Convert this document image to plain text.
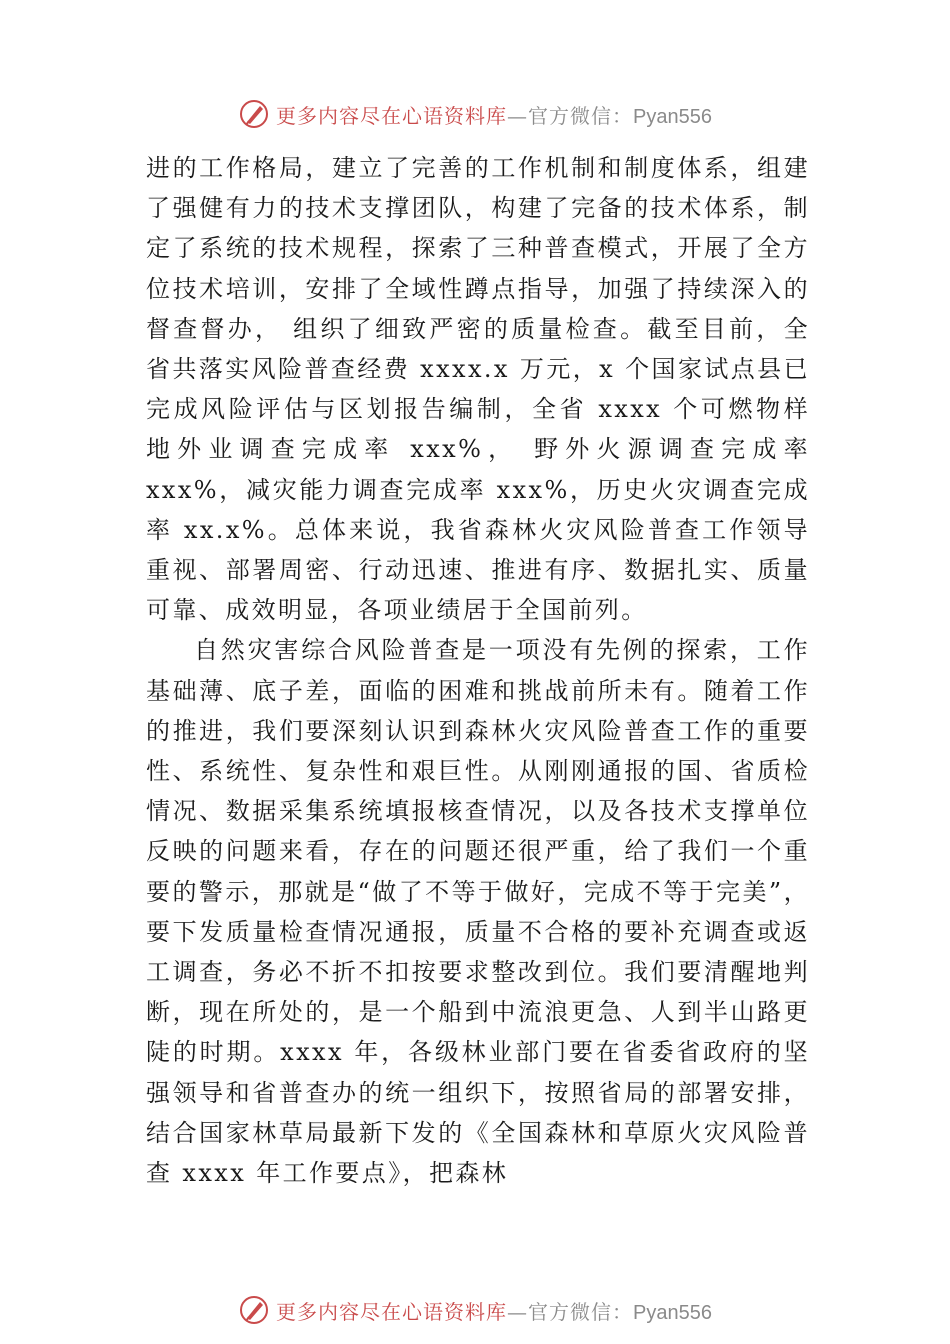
更多内容尽在心语资料库—官方微信：Pyan556

进的工作格局，建立了完善的工作机制和制度体系，组建了强健有力的技术支撑团队，构建了完备的技术体系，制定了系统的技术规程，探索了三种普查模式，开展了全方位技术培训，安排了全域性蹲点指导，加强了持续深入的督查督办， 组织了细致严密的质量检查。截至目前，全省共落实风险普查经费 xxxx.x 万元，x 个国家试点县已完成风险评估与区划报告编制，全省 xxxx 个可燃物样地外业调查完成率 xxx%， 野外火源调查完成率 xxx%，减灾能力调查完成率 xxx%，历史火灾调查完成率 xx.x%。总体来说，我省森林火灾风险普查工作领导重视、部署周密、行动迅速、推进有序、数据扎实、质量可靠、成效明显，各项业绩居于全国前列。

自然灾害综合风险普查是一项没有先例的探索，工作基础薄、底子差，面临的困难和挑战前所未有。随着工作的推进，我们要深刻认识到森林火灾风险普查工作的重要性、系统性、复杂性和艰巨性。从刚刚通报的国、省质检情况、数据采集系统填报核查情况，以及各技术支撑单位反映的问题来看，存在的问题还很严重，给了我们一个重要的警示，那就是“做了不等于做好，完成不等于完美”，要下发质量检查情况通报，质量不合格的要补充调查或返工调查，务必不折不扣按要求整改到位。我们要清醒地判断，现在所处的，是一个船到中流浪更急、人到半山路更陡的时期。xxxx 年，各级林业部门要在省委省政府的坚强领导和省普查办的统一组织下，按照省局的部署安排，结合国家林草局最新下发的《全国森林和草原火灾风险普查 xxxx 年工作要点》，把森林

更多内容尽在心语资料库—官方微信：Pyan556
